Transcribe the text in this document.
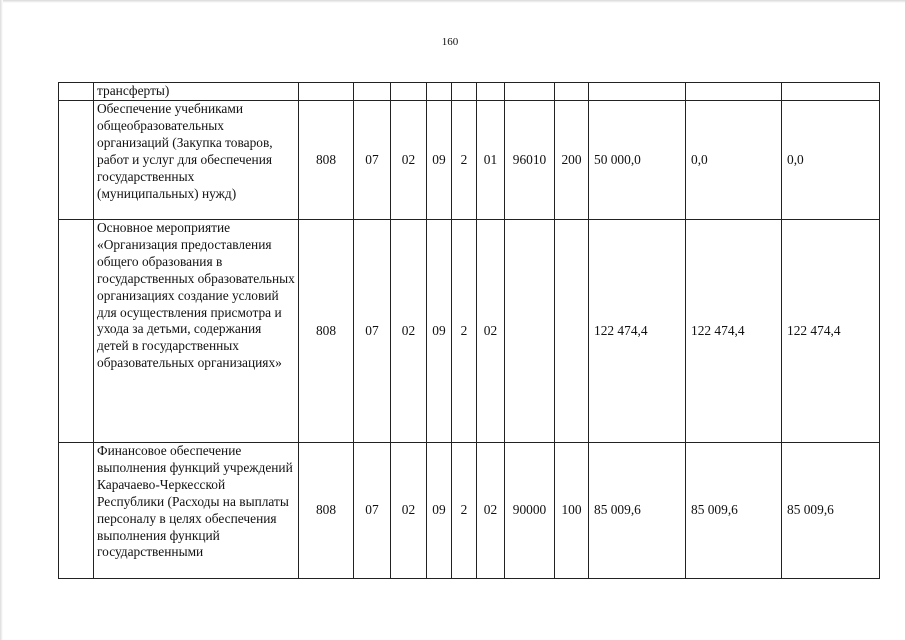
160
	трансферты)											
	Обеспечение учебниками общеобразовательных организаций (Закупка товаров, работ и услуг для обеспечения государственных (муниципальных) нужд)	808	07	02	09	2	01	96010	200	50 000,0	0,0	0,0
	Основное мероприятие «Организация предоставления общего образования в государственных образовательных организациях создание условий для осуществления присмотра и ухода за детьми, содержания детей в государственных образовательных организациях»	808	07	02	09	2	02			122 474,4	122 474,4	122 474,4
	Финансовое обеспечение выполнения функций учреждений Карачаево-Черкесской Республики (Расходы на выплаты персоналу в целях обеспечения выполнения функций государственными	808	07	02	09	2	02	90000	100	85 009,6	85 009,6	85 009,6
